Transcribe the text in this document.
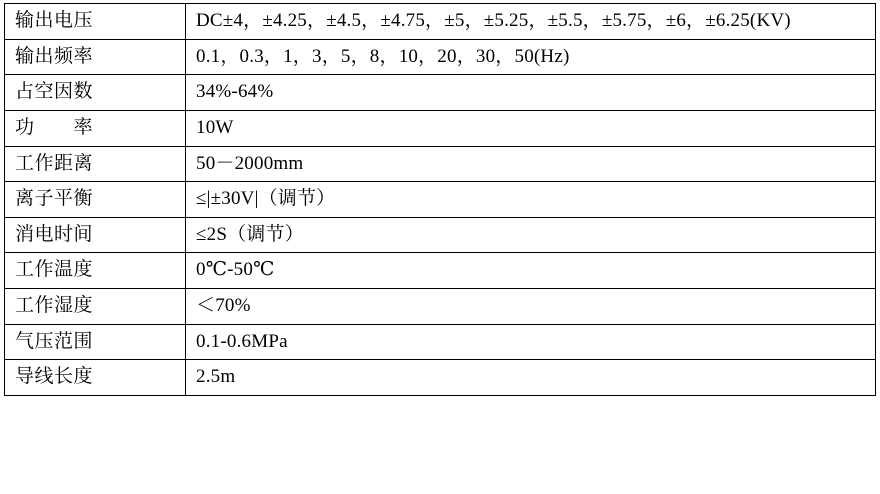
输出电压	DC±4，±4.25，±4.5，±4.75，±5，±5.25，±5.5，±5.75，±6，±6.25(KV)
输出频率	0.1，0.3，1，3，5，8，10，20，30，50(Hz)
占空因数	34%-64%
功　　率	10W
工作距离	50－2000mm
离子平衡	≤|±30V|（调节）
消电时间	≤2S（调节）
工作温度	0℃-50℃
工作湿度	＜70%
气压范围	0.1-0.6MPa
导线长度	2.5m
